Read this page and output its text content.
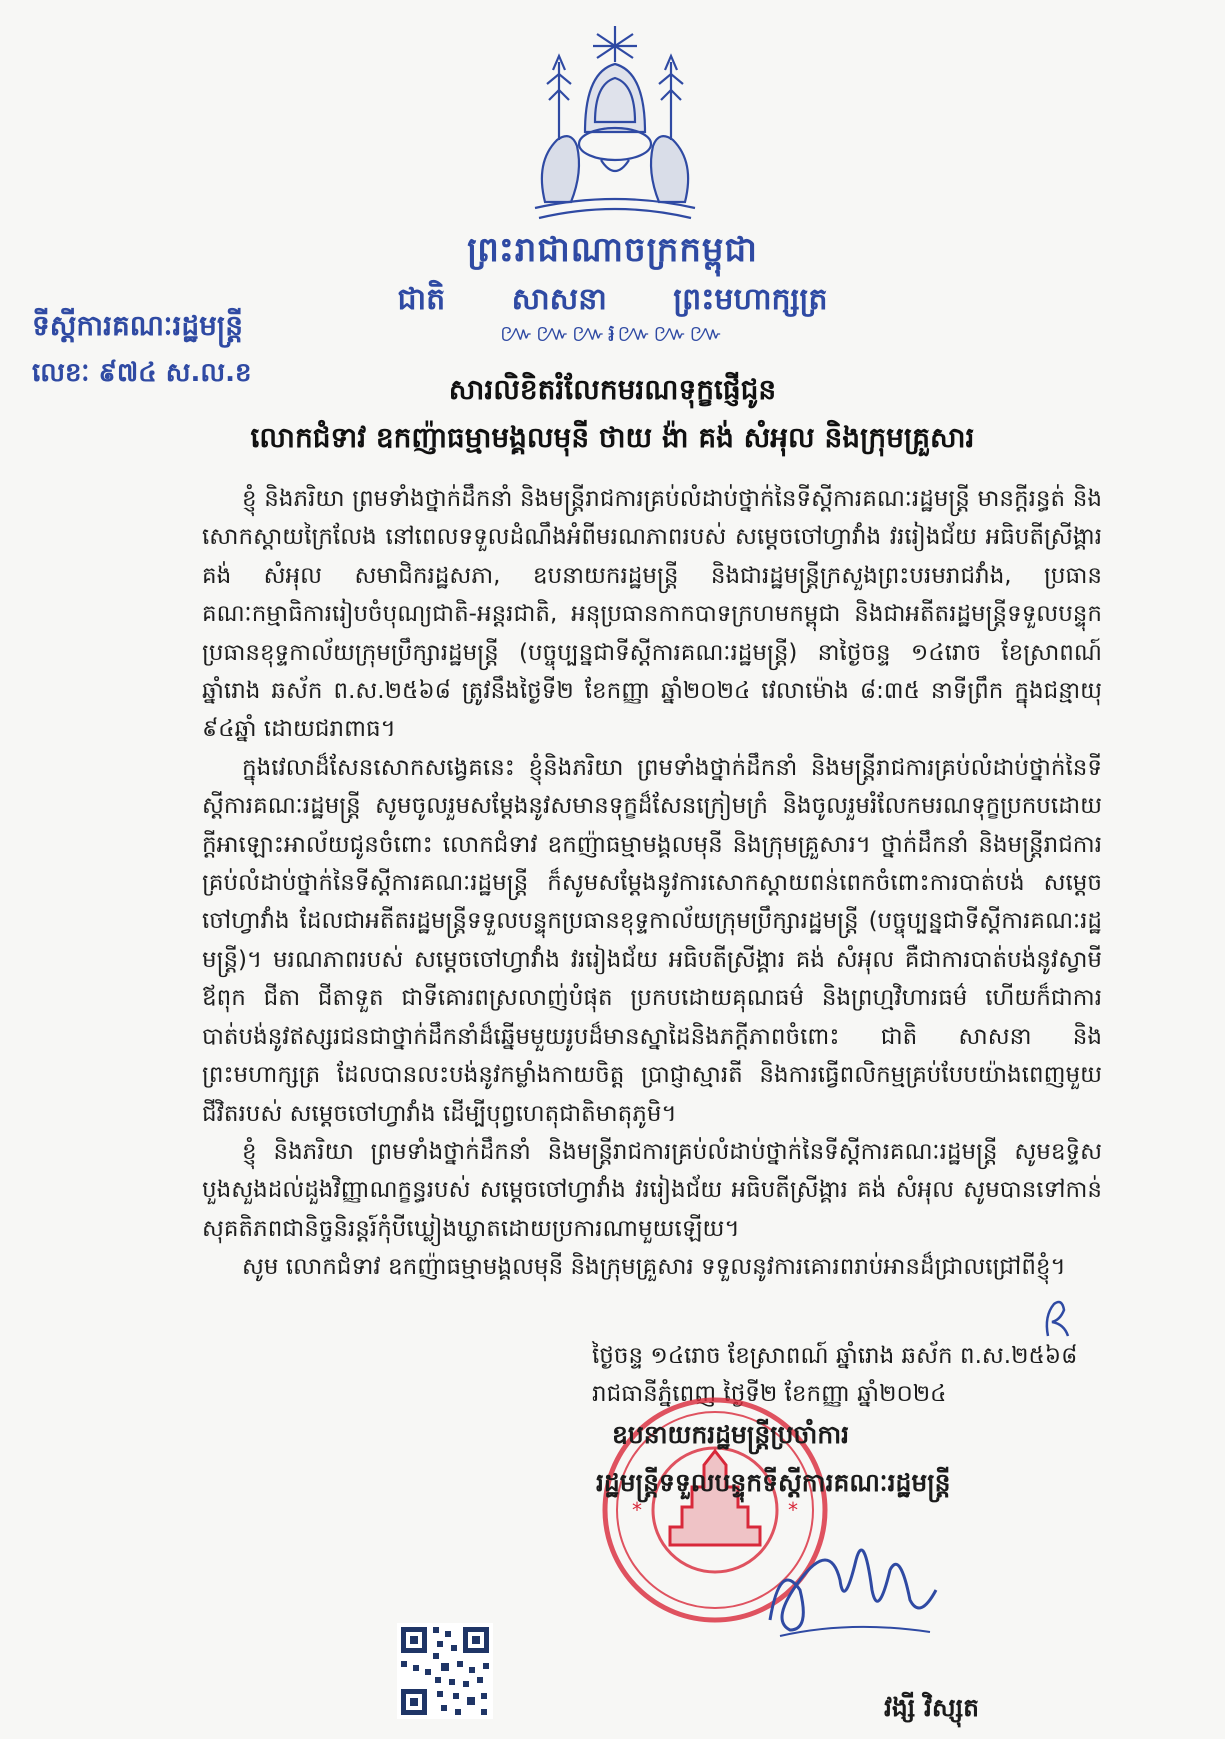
ព្រះរាជាណាចក្រកម្ពុជា
ជាតិ សាសនា ព្រះមហាក្សត្រ
៚៚៚៛៚៚៚
ទីស្ដីការគណៈរដ្ឋមន្ត្រី
លេខៈ ៩៧៤ ស.ល.ខ	សារលិខិតរំលែកមរណទុក្ខផ្ញើជូន
លោកជំទាវ ឧកញ៉ាធម្មាមង្គលមុនី ថាយ ង៉ា គង់ សំអុល និងក្រុមគ្រួសារ

ខ្ញុំ និងភរិយា ព្រមទាំងថ្នាក់ដឹកនាំ និងមន្ត្រីរាជការគ្រប់លំដាប់ថ្នាក់នៃទីស្ដីការគណៈរដ្ឋមន្ត្រី មានក្ដីរន្ធត់ និងសោកស្ដាយក្រៃលែង នៅពេលទទួលដំណឹងអំពីមរណភាពរបស់ សម្ដេចចៅហ្វាវាំង វររៀងជ័យ អធិបតីស្រីង្គារ គង់ សំអុល សមាជិករដ្ឋសភា, ឧបនាយករដ្ឋមន្ត្រី និងជារដ្ឋមន្ត្រីក្រសួងព្រះបរមរាជវាំង, ប្រធានគណៈកម្មាធិការរៀបចំបុណ្យជាតិ-អន្តរជាតិ, អនុប្រធានកាកបាទក្រហមកម្ពុជា និងជាអតីតរដ្ឋមន្ត្រីទទួលបន្ទុកប្រធានខុទ្ទកាល័យក្រុមប្រឹក្សារដ្ឋមន្ត្រី (បច្ចុប្បន្នជាទីស្ដីការគណៈរដ្ឋមន្ត្រី) នាថ្ងៃចន្ទ ១៤រោច ខែស្រាពណ៍ ឆ្នាំរោង ឆស័ក ព.ស.២៥៦៨ ត្រូវនឹងថ្ងៃទី២ ខែកញ្ញា ឆ្នាំ២០២៤ វេលាម៉ោង ៨:៣៥ នាទីព្រឹក ក្នុងជន្មាយុ ៩៤ឆ្នាំ ដោយជរាពាធ។

ក្នុងវេលាដ៏សែនសោកសង្វេគនេះ ខ្ញុំនិងភរិយា ព្រមទាំងថ្នាក់ដឹកនាំ និងមន្ត្រីរាជការគ្រប់លំដាប់ថ្នាក់នៃទីស្ដីការគណៈរដ្ឋមន្ត្រី សូមចូលរួមសម្ដែងនូវសមានទុក្ខដ៏សែនក្រៀមក្រំ និងចូលរួមរំលែកមរណទុក្ខប្រកបដោយក្ដីអាឡោះអាល័យជូនចំពោះ លោកជំទាវ ឧកញ៉ាធម្មាមង្គលមុនី និងក្រុមគ្រួសារ។ ថ្នាក់ដឹកនាំ និងមន្ត្រីរាជការគ្រប់លំដាប់ថ្នាក់នៃទីស្ដីការគណៈរដ្ឋមន្ត្រី ក៏សូមសម្ដែងនូវការសោកស្ដាយពន់ពេកចំពោះការបាត់បង់ សម្ដេចចៅហ្វាវាំង ដែលជាអតីតរដ្ឋមន្ត្រីទទួលបន្ទុកប្រធានខុទ្ទកាល័យក្រុមប្រឹក្សារដ្ឋមន្ត្រី (បច្ចុប្បន្នជាទីស្ដីការគណៈរដ្ឋមន្ត្រី)។ មរណភាពរបស់ សម្ដេចចៅហ្វាវាំង វររៀងជ័យ អធិបតីស្រីង្គារ គង់ សំអុល គឺជាការបាត់បង់នូវស្វាមី ឪពុក ជីតា ជីតាទួត ជាទីគោរពស្រលាញ់បំផុត ប្រកបដោយគុណធម៌ និងព្រហ្មវិហារធម៌ ហើយក៏ជាការបាត់បង់នូវឥស្សរជនជាថ្នាក់ដឹកនាំដ៏ឆ្នើមមួយរូបដ៏មានស្នាដៃនិងភក្ដីភាពចំពោះ ជាតិ សាសនា និងព្រះមហាក្សត្រ ដែលបានលះបង់នូវកម្លាំងកាយចិត្ត ប្រាជ្ញាស្មារតី និងការធ្វើពលិកម្មគ្រប់បែបយ៉ាងពេញមួយជីវិតរបស់ សម្ដេចចៅហ្វាវាំង ដើម្បីបុព្វហេតុជាតិមាតុភូមិ។

ខ្ញុំ និងភរិយា ព្រមទាំងថ្នាក់ដឹកនាំ និងមន្ត្រីរាជការគ្រប់លំដាប់ថ្នាក់នៃទីស្ដីការគណៈរដ្ឋមន្ត្រី សូមឧទ្ទិសបួងសួងដល់ដួងវិញ្ញាណក្ខន្ធរបស់ សម្ដេចចៅហ្វាវាំង វររៀងជ័យ អធិបតីស្រីង្គារ គង់ សំអុល សូមបានទៅកាន់សុគតិភពជានិច្ចនិរន្តរ៍កុំបីឃ្លៀងឃ្លាតដោយប្រការណាមួយឡើយ។

សូម លោកជំទាវ ឧកញ៉ាធម្មាមង្គលមុនី និងក្រុមគ្រួសារ ទទួលនូវការគោរពរាប់អានដ៏ជ្រាលជ្រៅពីខ្ញុំ។

ថ្ងៃចន្ទ ១៤រោច ខែស្រាពណ៍ ឆ្នាំរោង ឆស័ក ព.ស.២៥៦៨
រាជធានីភ្នំពេញ ថ្ងៃទី២ ខែកញ្ញា ឆ្នាំ២០២៤
*	*
ឧបនាយករដ្ឋមន្ត្រីប្រចាំការ
រដ្ឋមន្ត្រីទទួលបន្ទុកទីស្ដីការគណៈរដ្ឋមន្ត្រី
វង្សី វិស្សុត
